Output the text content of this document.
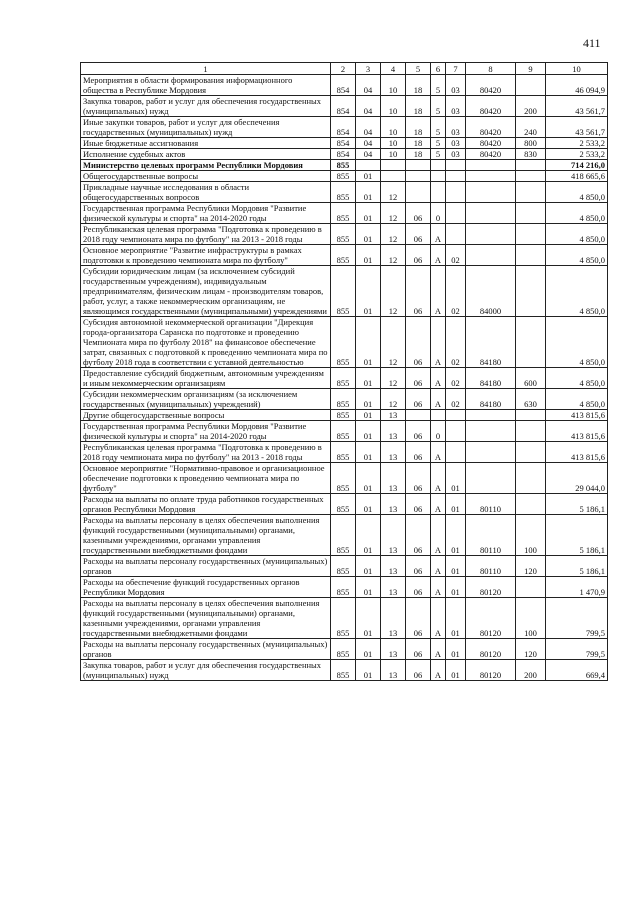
411
1	2	3	4	5	6	7	8	9	10
Мероприятия в области формирования информационного общества в Республике Мордовия	854	04	10	18	5	03	80420		46 094,9
Закупка товаров, работ и услуг для обеспечения государственных (муниципальных) нужд	854	04	10	18	5	03	80420	200	43 561,7
Иные закупки товаров, работ и услуг для обеспечения государственных (муниципальных) нужд	854	04	10	18	5	03	80420	240	43 561,7
Иные бюджетные ассигнования	854	04	10	18	5	03	80420	800	2 533,2
Исполнение судебных актов	854	04	10	18	5	03	80420	830	2 533,2
Министерство целевых программ Республики Мордовия	855								714 216,0
Общегосударственные вопросы	855	01							418 665,6
Прикладные научные исследования в области общегосударственных вопросов	855	01	12						4 850,0
Государственная программа Республики Мордовия "Развитие физической культуры и спорта" на 2014-2020 годы	855	01	12	06	0				4 850,0
Республиканская целевая программа "Подготовка к проведению в 2018 году чемпионата мира по футболу" на 2013 - 2018 годы	855	01	12	06	А				4 850,0
Основное мероприятие "Развитие инфраструктуры в рамках подготовки к проведению чемпионата мира по футболу"	855	01	12	06	А	02			4 850,0
Субсидии юридическим лицам (за исключением субсидий государственным учреждениям), индивидуальным предпринимателям, физическим лицам - производителям товаров, работ, услуг, а также некоммерческим организациям, не являющимся государственными (муниципальными) учреждениями	855	01	12	06	А	02	84000		4 850,0
Субсидия автономной некоммерческой организации "Дирекция города-организатора Саранска по подготовке и проведению Чемпионата мира по футболу 2018" на финансовое обеспечение затрат, связанных с подготовкой к проведению чемпионата мира по футболу 2018 года в соответствии с уставной деятельностью	855	01	12	06	А	02	84180		4 850,0
Предоставление субсидий бюджетным, автономным учреждениям и иным некоммерческим организациям	855	01	12	06	А	02	84180	600	4 850,0
Субсидии некоммерческим организациям (за исключением государственных (муниципальных) учреждений)	855	01	12	06	А	02	84180	630	4 850,0
Другие общегосударственные вопросы	855	01	13						413 815,6
Государственная программа Республики Мордовия "Развитие физической культуры и спорта" на 2014-2020 годы	855	01	13	06	0				413 815,6
Республиканская целевая программа "Подготовка к проведению в 2018 году чемпионата мира по футболу" на 2013 - 2018 годы	855	01	13	06	А				413 815,6
Основное мероприятие "Нормативно-правовое и организационное обеспечение подготовки к проведению чемпионата мира по футболу"	855	01	13	06	А	01			29 044,0
Расходы на выплаты по оплате труда работников государственных органов Республики Мордовия	855	01	13	06	А	01	80110		5 186,1
Расходы на выплаты персоналу в целях обеспечения выполнения функций государственными (муниципальными) органами, казенными учреждениями, органами управления государственными внебюджетными фондами	855	01	13	06	А	01	80110	100	5 186,1
Расходы на выплаты персоналу государственных (муниципальных) органов	855	01	13	06	А	01	80110	120	5 186,1
Расходы на обеспечение функций государственных органов Республики Мордовия	855	01	13	06	А	01	80120		1 470,9
Расходы на выплаты персоналу в целях обеспечения выполнения функций государственными (муниципальными) органами, казенными учреждениями, органами управления государственными внебюджетными фондами	855	01	13	06	А	01	80120	100	799,5
Расходы на выплаты персоналу государственных (муниципальных) органов	855	01	13	06	А	01	80120	120	799,5
Закупка товаров, работ и услуг для обеспечения государственных (муниципальных) нужд	855	01	13	06	А	01	80120	200	669,4
